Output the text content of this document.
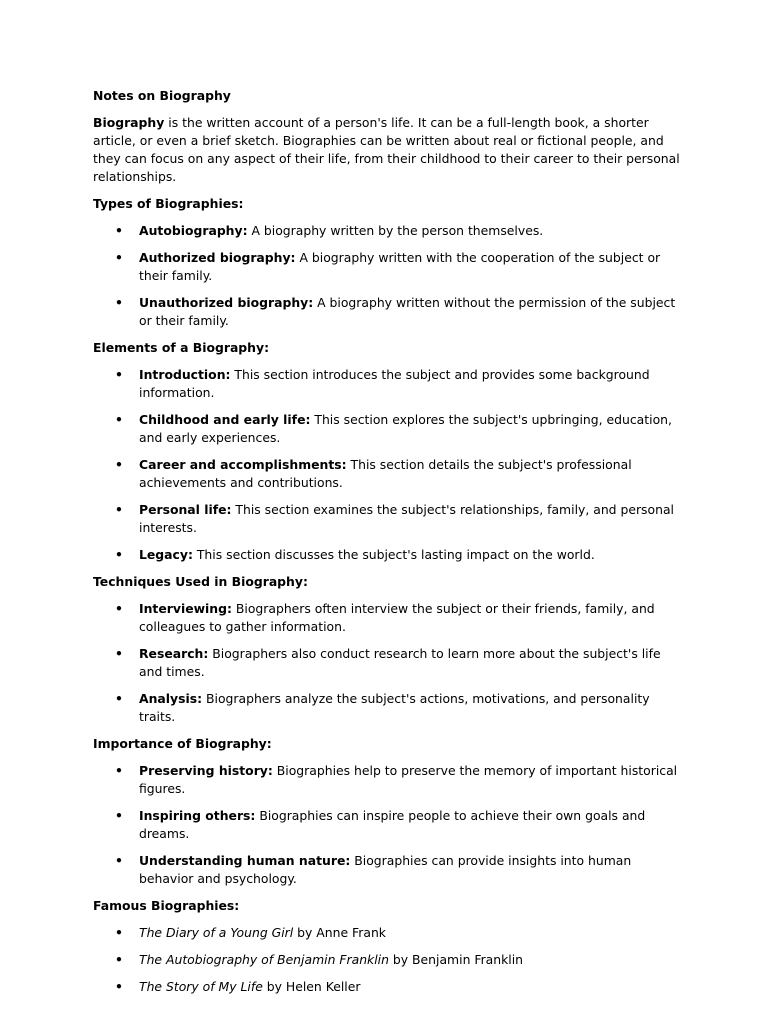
Notes on Biography

Biography is the written account of a person's life. It can be a full-length book, a shorter article, or even a brief sketch. Biographies can be written about real or fictional people, and they can focus on any aspect of their life, from their childhood to their career to their personal relationships.

Types of Biographies:

• Autobiography: A biography written by the person themselves.
• Authorized biography: A biography written with the cooperation of the subject or their family.
• Unauthorized biography: A biography written without the permission of the subject or their family.

Elements of a Biography:

• Introduction: This section introduces the subject and provides some background information.
• Childhood and early life: This section explores the subject's upbringing, education, and early experiences.
• Career and accomplishments: This section details the subject's professional achievements and contributions.
• Personal life: This section examines the subject's relationships, family, and personal interests.
• Legacy: This section discusses the subject's lasting impact on the world.

Techniques Used in Biography:

• Interviewing: Biographers often interview the subject or their friends, family, and colleagues to gather information.
• Research: Biographers also conduct research to learn more about the subject's life and times.
• Analysis: Biographers analyze the subject's actions, motivations, and personality traits.

Importance of Biography:

• Preserving history: Biographies help to preserve the memory of important historical figures.
• Inspiring others: Biographies can inspire people to achieve their own goals and dreams.
• Understanding human nature: Biographies can provide insights into human behavior and psychology.

Famous Biographies:

• The Diary of a Young Girl by Anne Frank
• The Autobiography of Benjamin Franklin by Benjamin Franklin
• The Story of My Life by Helen Keller
